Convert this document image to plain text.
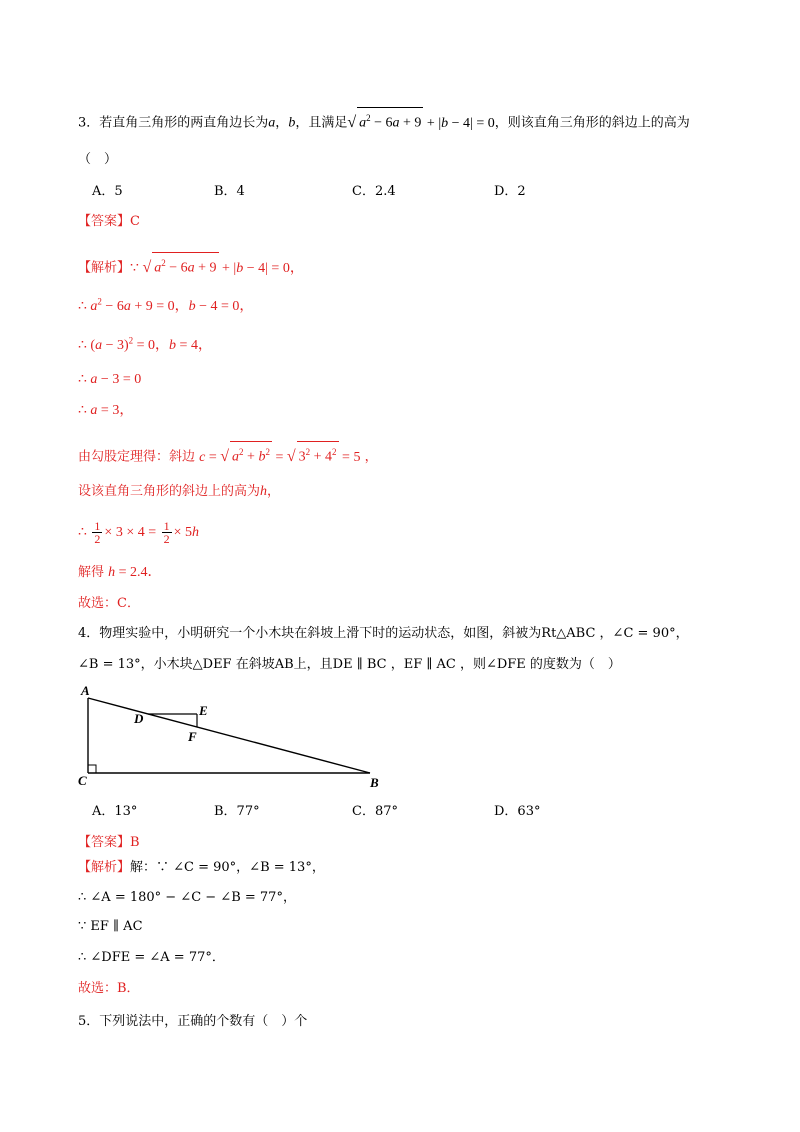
3．若直角三角形的两直角边长为a，b，且满足√ $a^2 - 6a + 9 + |b - 4| = 0$，则该直角三角形的斜边上的高为
（　）
A．5	B．4	C．2.4	D．2
【答案】C
【解析】∵ √ $a^2 - 6a + 9 + |b - 4| = 0$，
∴ $a^2 - 6a + 9 = 0$，b − 4 = 0，
∴ $(a - 3)^2 = 0$，b = 4，
∴ a − 3 = 0
∴ a = 3，
由勾股定理得：斜边 c = √ $a^2 + b^2$ = √ $3^2 + 4^2 = 5$ ，
设该直角三角形的斜边上的高为h，
∴ $\frac{1}{2} \times 3 \times 4 = \frac{1}{2} \times 5h$
解得 h = 2.4．
故选：C．
4．物理实验中，小明研究一个小木块在斜坡上滑下时的运动状态，如图，斜被为Rt△ABC ，∠C = 90°，
∠B = 13°，小木块△DEF 在斜坡AB上，且DE ∥ BC ，EF ∥ AC ，则∠DFE 的度数为（　）
A
D
E
F
C	B
A．13°	B．77°	C．87°	D．63°
【答案】B
【解析】解：∵ ∠C = 90°，∠B = 13°，
∴ ∠A = 180° − ∠C − ∠B = 77°，
∵ EF ∥ AC
∴ ∠DFE = ∠A = 77°．
故选：B．
5．下列说法中，正确的个数有（　）个
